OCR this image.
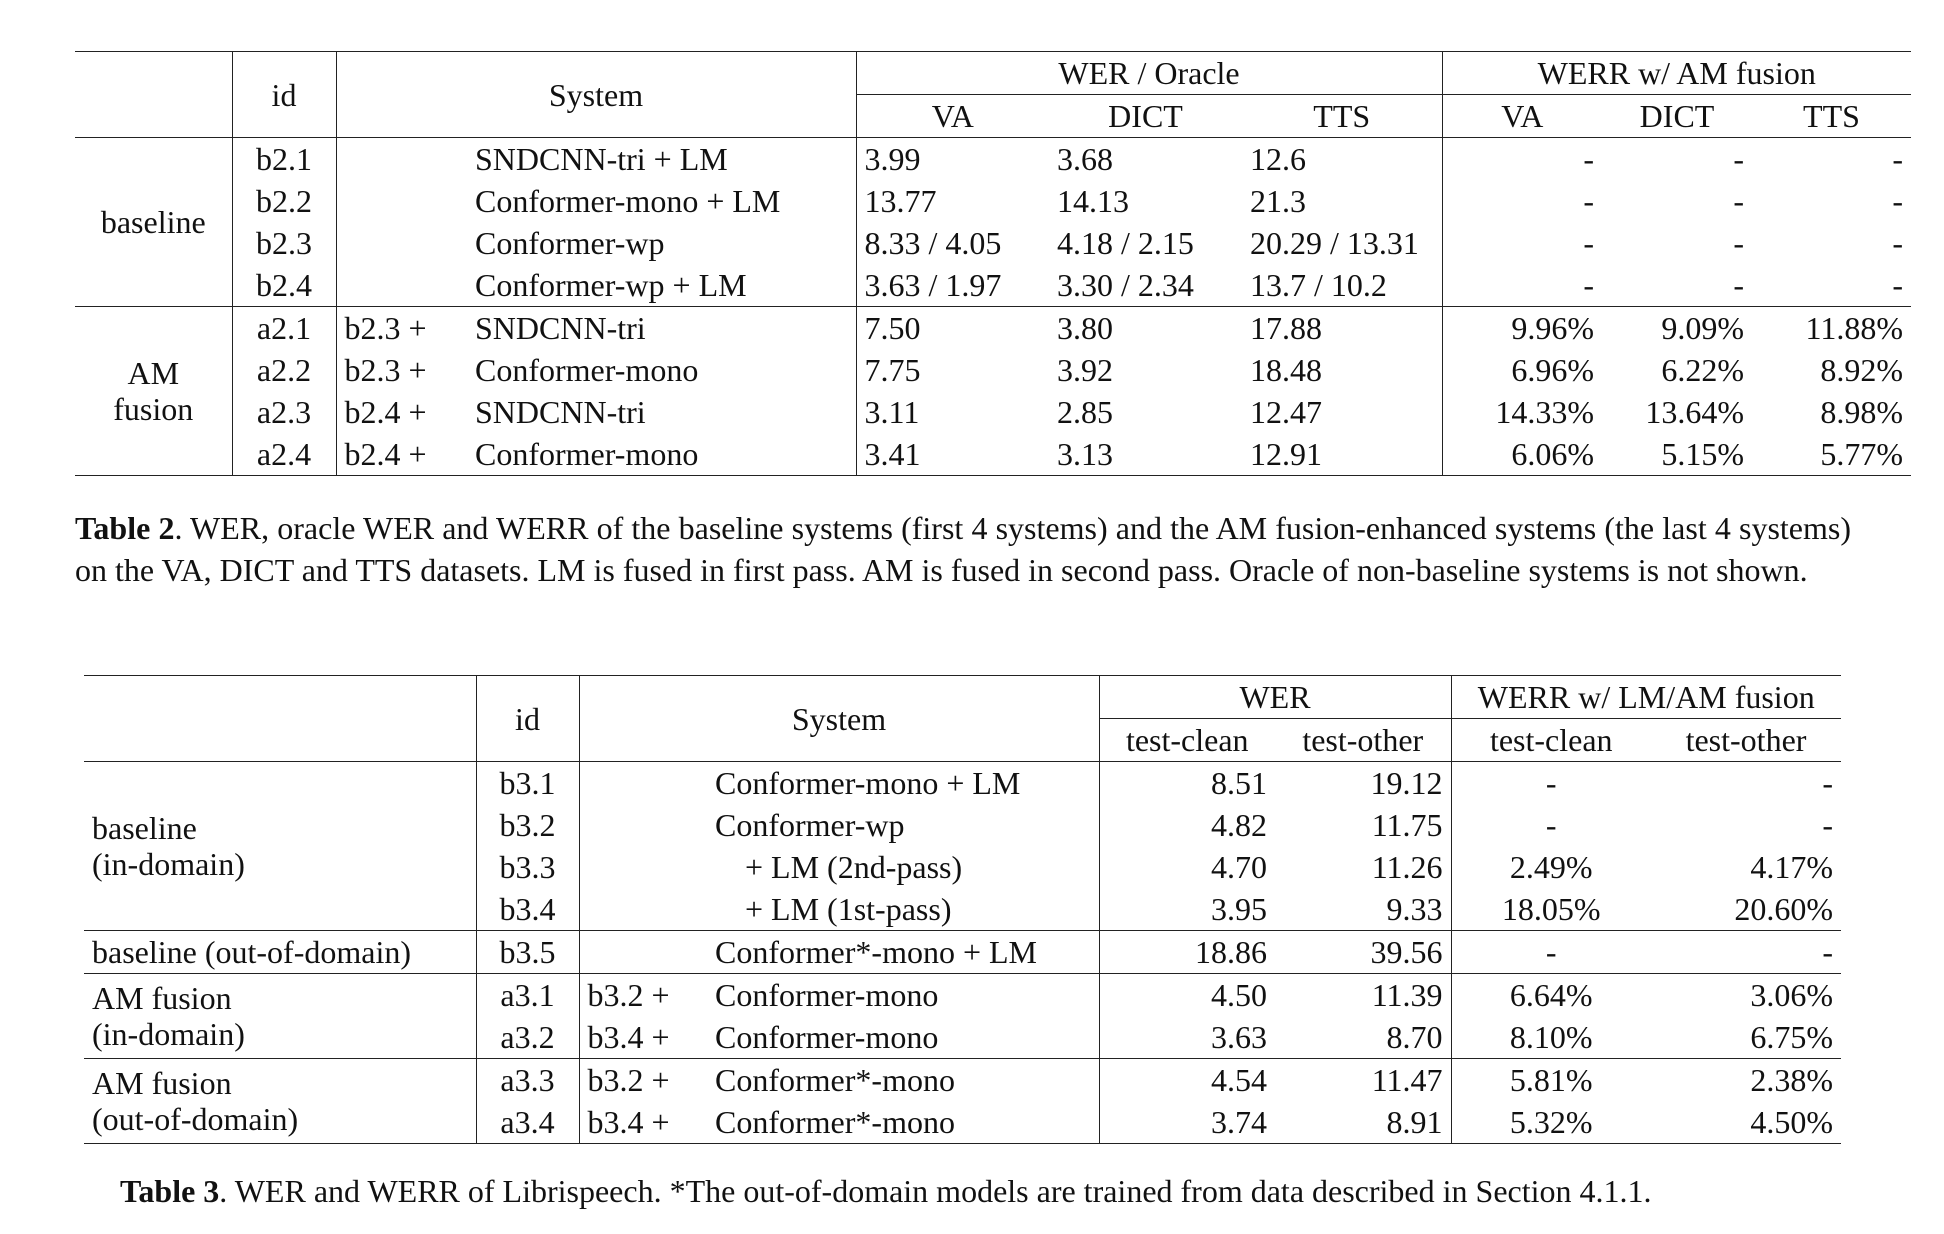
	id	System		WER / Oracle			WERR w/ AM fusion		
				VA	DICT	TTS	VA	DICT	TTS
baseline	b2.1		SNDCNN-tri + LM	3.99	3.68	12.6	-	-	-
	b2.2		Conformer-mono + LM	13.77	14.13	21.3	-	-	-
	b2.3		Conformer-wp	8.33 / 4.05	4.18 / 2.15	20.29 / 13.31	-	-	-
	b2.4		Conformer-wp + LM	3.63 / 1.97	3.30 / 2.34	13.7 / 10.2	-	-	-

AM
fusion	a2.1	b2.3 +	SNDCNN-tri	7.50	3.80	17.88	9.96%	9.09%	11.88%
	a2.2	b2.3 +	Conformer-mono	7.75	3.92	18.48	6.96%	6.22%	8.92%
	a2.3	b2.4 +	SNDCNN-tri	3.11	2.85	12.47	14.33%	13.64%	8.98%
	a2.4	b2.4 +	Conformer-mono	3.41	3.13	12.91	6.06%	5.15%	5.77%
Table 2. WER, oracle WER and WERR of the baseline systems (first 4 systems) and the AM fusion-enhanced systems (the last 4 systems) on the VA, DICT and TTS datasets. LM is fused in first pass. AM is fused in second pass. Oracle of non-baseline systems is not shown.
	id	System		WER		WERR w/ LM/AM fusion	
				test-clean	test-other	test-clean	test-other

baseline
(in-domain)	b3.1		Conformer-mono + LM	8.51	19.12	-	-
	b3.2		Conformer-wp	4.82	11.75	-	-
	b3.3		+ LM (2nd-pass)	4.70	11.26	2.49%	4.17%
	b3.4		+ LM (1st-pass)	3.95	9.33	18.05%	20.60%
baseline (out-of-domain)	b3.5		Conformer*-mono + LM	18.86	39.56	-	-

AM fusion
(in-domain)	a3.1	b3.2 +	Conformer-mono	4.50	11.39	6.64%	3.06%
	a3.2	b3.4 +	Conformer-mono	3.63	8.70	8.10%	6.75%

AM fusion
(out-of-domain)	a3.3	b3.2 +	Conformer*-mono	4.54	11.47	5.81%	2.38%
	a3.4	b3.4 +	Conformer*-mono	3.74	8.91	5.32%	4.50%
Table 3. WER and WERR of Librispeech. *The out-of-domain models are trained from data described in Section 4.1.1.
